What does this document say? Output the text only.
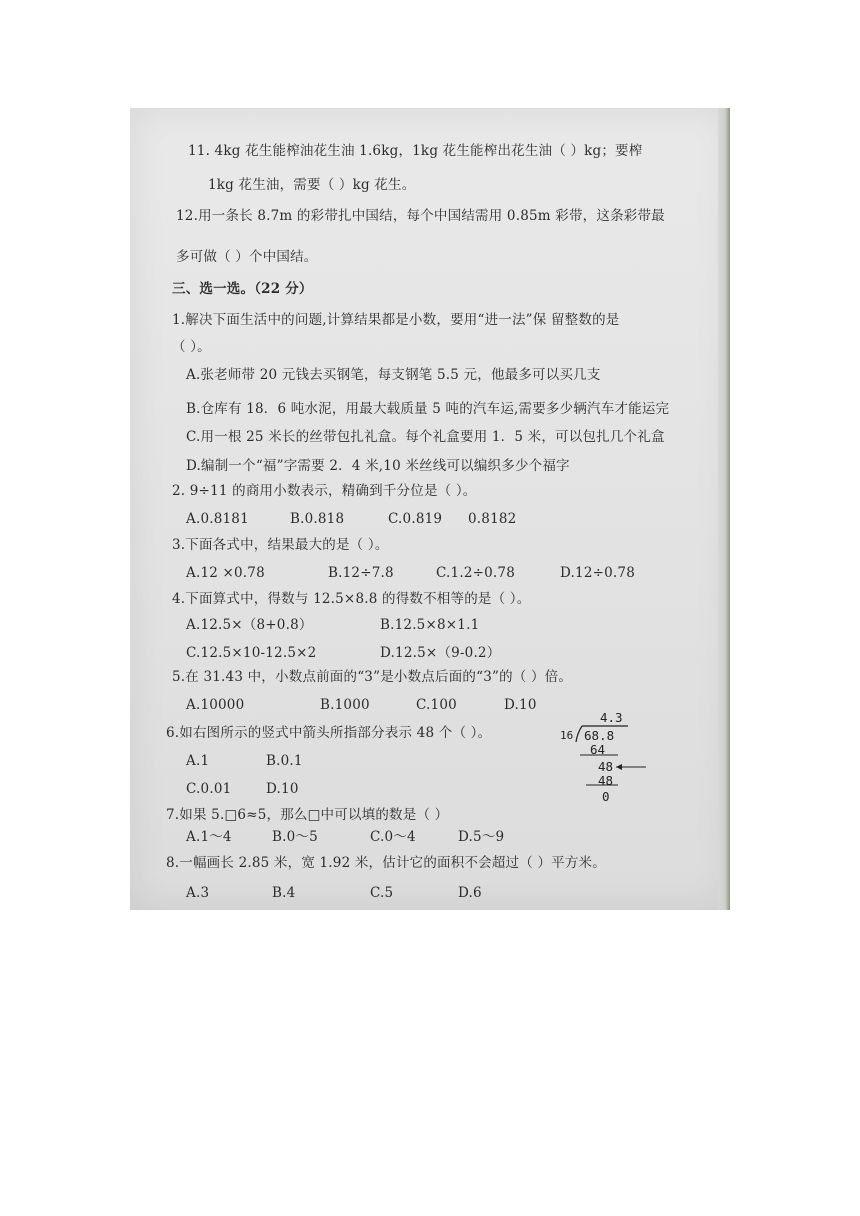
11. 4kg 花生能榨油花生油 1.6kg，1kg 花生能榨出花生油（ ）kg；要榨
1kg 花生油，需要（ ）kg 花生。
12.用一条长 8.7m 的彩带扎中国结，每个中国结需用 0.85m 彩带，这条彩带最
多可做（ ）个中国结。
三、选一选。（22 分）
1.解决下面生活中的问题,计算结果都是小数，要用“进一法”保 留整数的是
（ ）。
A.张老师带 20 元钱去买钢笔，每支钢笔 5.5 元，他最多可以买几支
B.仓库有 18．6 吨水泥，用最大载质量 5 吨的汽车运,需要多少辆汽车才能运完
C.用一根 25 米长的丝带包扎礼盒。每个礼盒要用 1．5 米，可以包扎几个礼盒
D.编制一个“福”字需要 2．4 米,10 米丝线可以编织多少个福字
2. 9÷11 的商用小数表示，精确到千分位是（ ）。
A.0.8181	B.0.818	C.0.819 0.8182
3.下面各式中，结果最大的是（ ）。
A.12 ×0.78	B.12÷7.8	C.1.2÷0.78	D.12÷0.78
4.下面算式中，得数与 12.5×8.8 的得数不相等的是（ ）。
A.12.5×（8+0.8）	B.12.5×8×1.1
C.12.5×10-12.5×2	D.12.5×（9-0.2）
5.在 31.43 中，小数点前面的“3”是小数点后面的“3”的（ ）倍。
A.10000	B.1000	C.100	D.10
6.如右图所示的竖式中箭头所指部分表示 48 个（ ）。
A.1	B.0.1
C.0.01	D.10
7.如果 5.□6≈5，那么□中可以填的数是（ ）
A.1～4	B.0～5	C.0～4	D.5～9
8.一幅画长 2.85 米，宽 1.92 米，估计它的面积不会超过（ ）平方米。
A.3	B.4	C.5	D.6
4.3
16 68.8
64
48
48
0
